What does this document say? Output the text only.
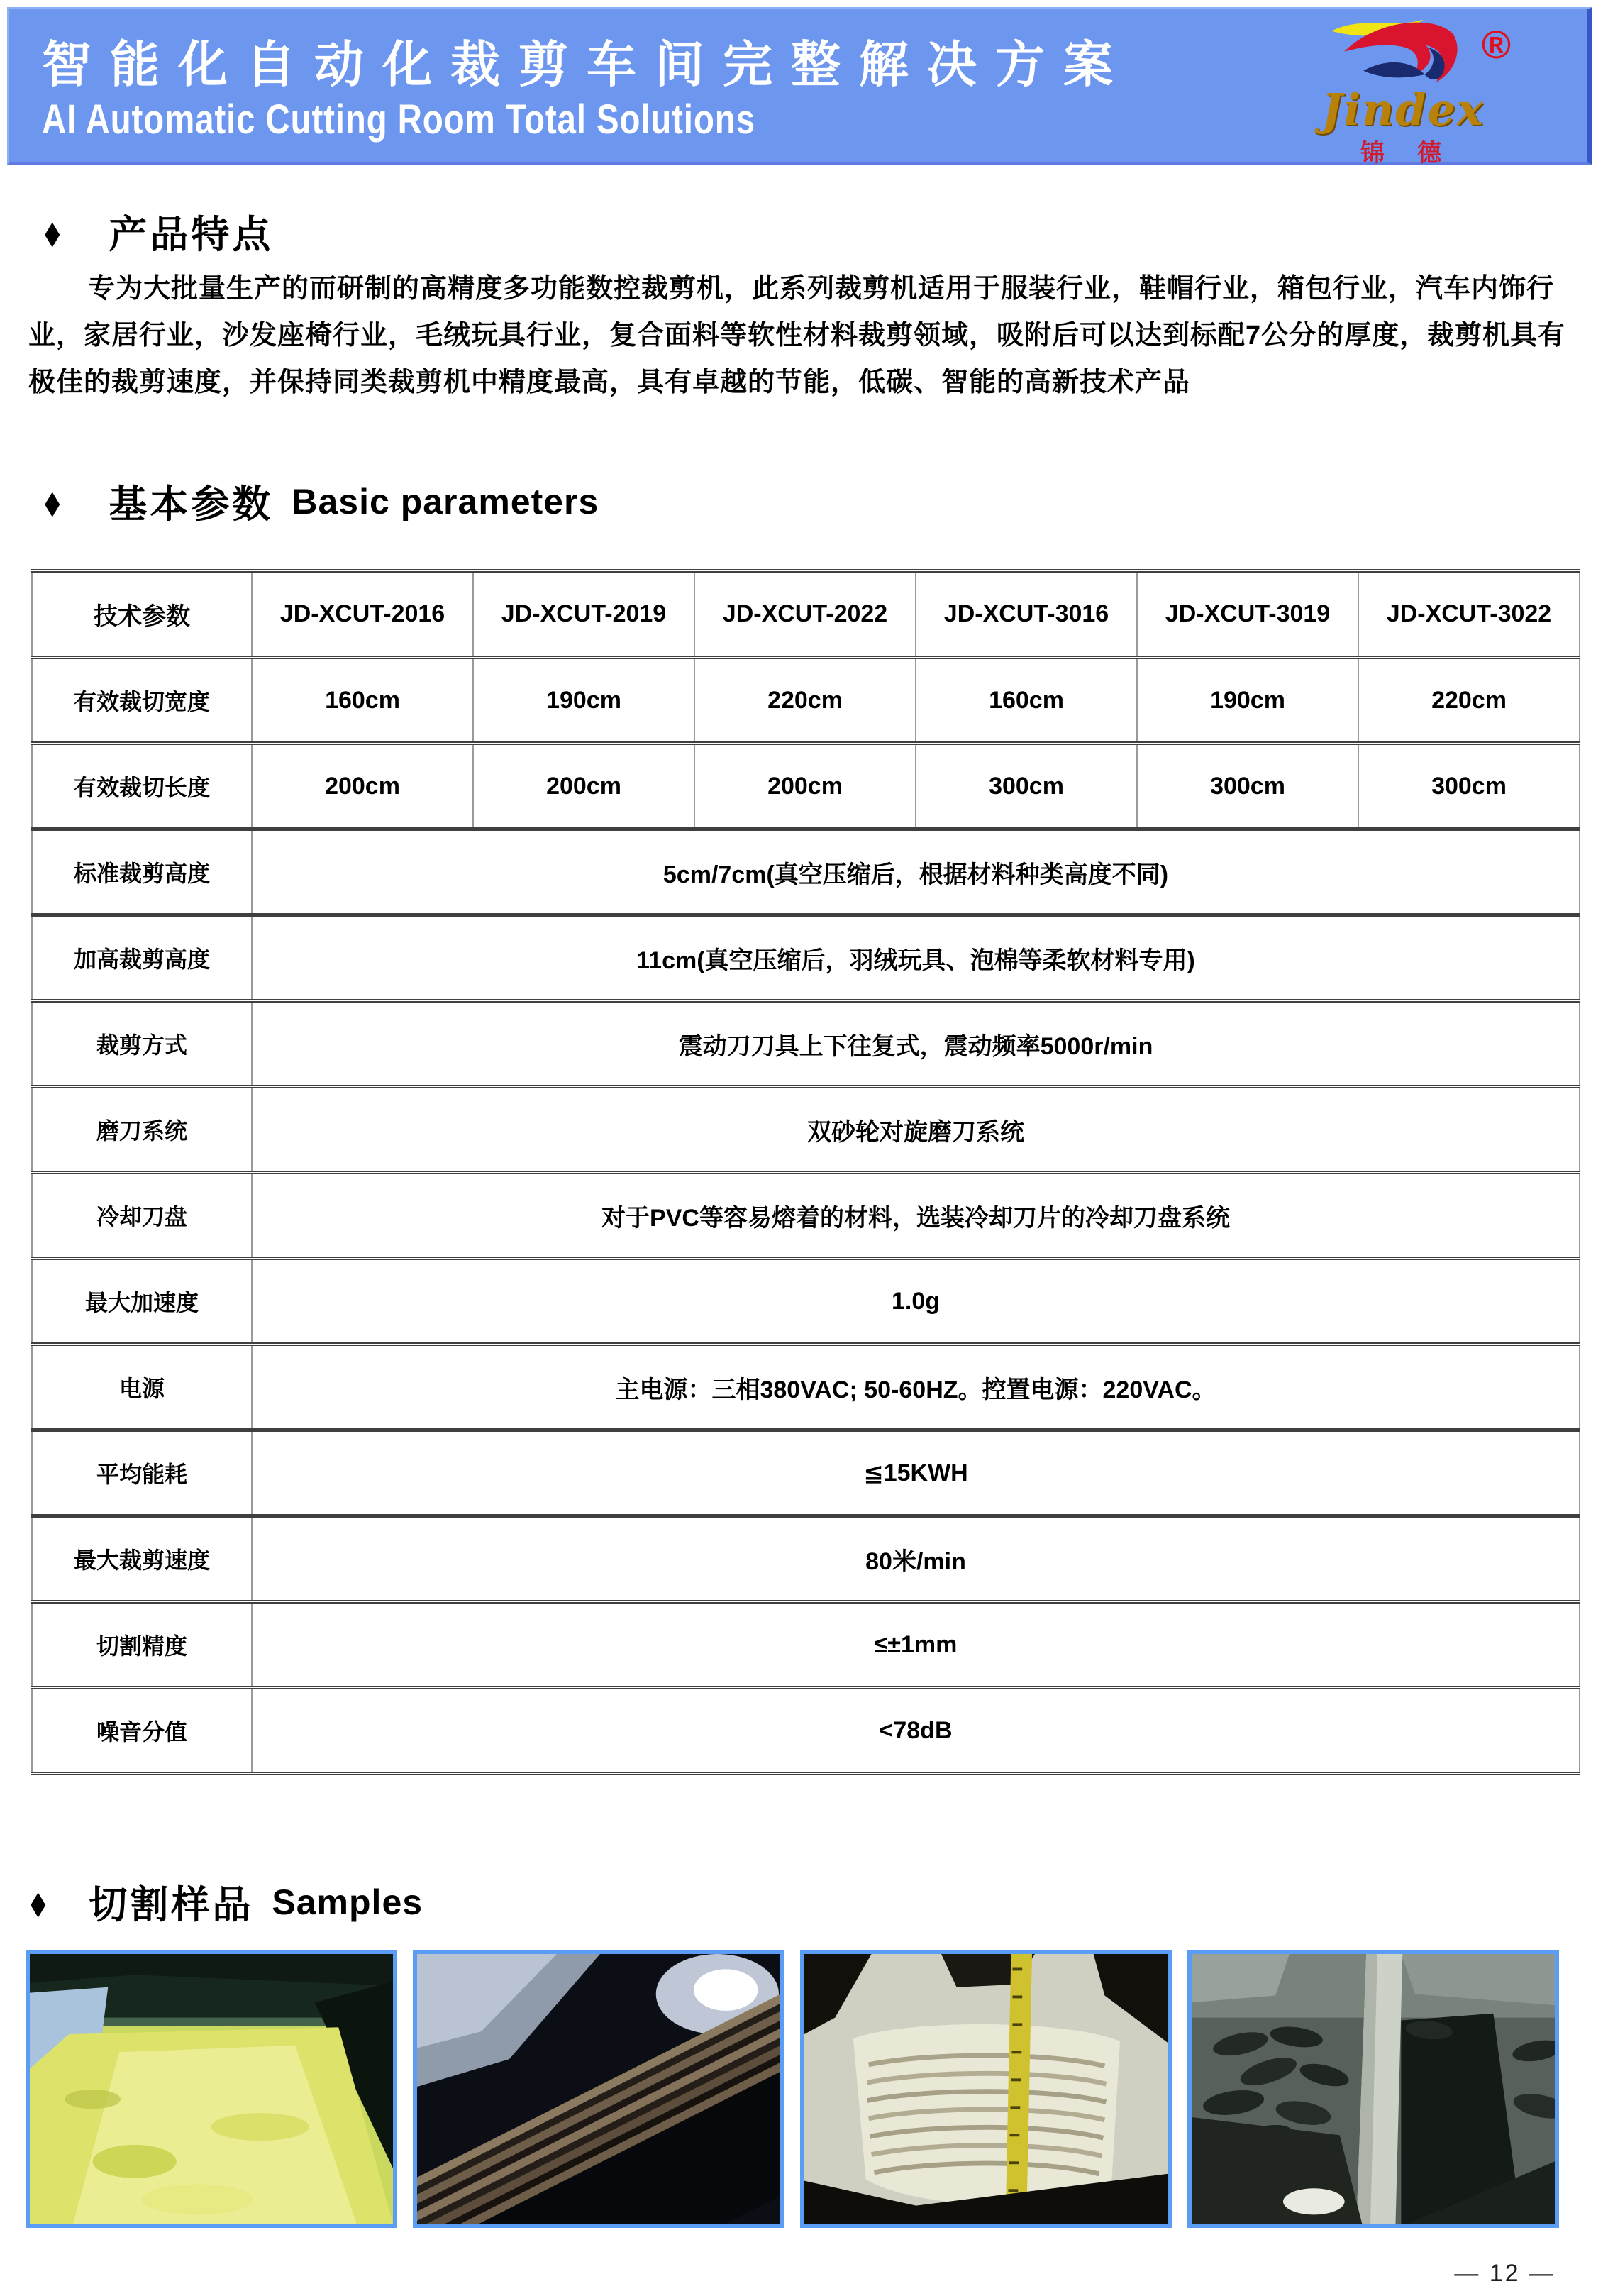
智能化自动化裁剪车间完整解决方案
AI Automatic Cutting Room Total Solutions
®
Jindex
锦　德
◆ 产品特点
专为大批量生产的而研制的高精度多功能数控裁剪机，此系列裁剪机适用于服装行业，鞋帽行业，箱包行业，汽车内饰行
业，家居行业，沙发座椅行业，毛绒玩具行业，复合面料等软性材料裁剪领域，吸附后可以达到标配7公分的厚度，裁剪机具有
极佳的裁剪速度，并保持同类裁剪机中精度最高，具有卓越的节能，低碳、智能的高新技术产品
◆ 基本参数 Basic parameters
技术参数	JD-XCUT-2016	JD-XCUT-2019	JD-XCUT-2022	JD-XCUT-3016	JD-XCUT-3019	JD-XCUT-3022
有效裁切宽度	160cm	190cm	220cm	160cm	190cm	220cm
有效裁切长度	200cm	200cm	200cm	300cm	300cm	300cm
标准裁剪高度	5cm/7cm(真空压缩后，根据材料种类高度不同)					
加高裁剪高度	11cm(真空压缩后，羽绒玩具、泡棉等柔软材料专用)					
裁剪方式	震动刀刀具上下往复式，震动频率5000r/min					
磨刀系统	双砂轮对旋磨刀系统					
冷却刀盘	对于PVC等容易熔着的材料，选装冷却刀片的冷却刀盘系统					
最大加速度	1.0g					
电源	主电源：三相380VAC; 50-60HZ。控置电源：220VAC。					
平均能耗	≦15KWH					
最大裁剪速度	80米/min					
切割精度	≤±1mm					
噪音分值	<78dB					
◆ 切割样品 Samples
— 12 —
